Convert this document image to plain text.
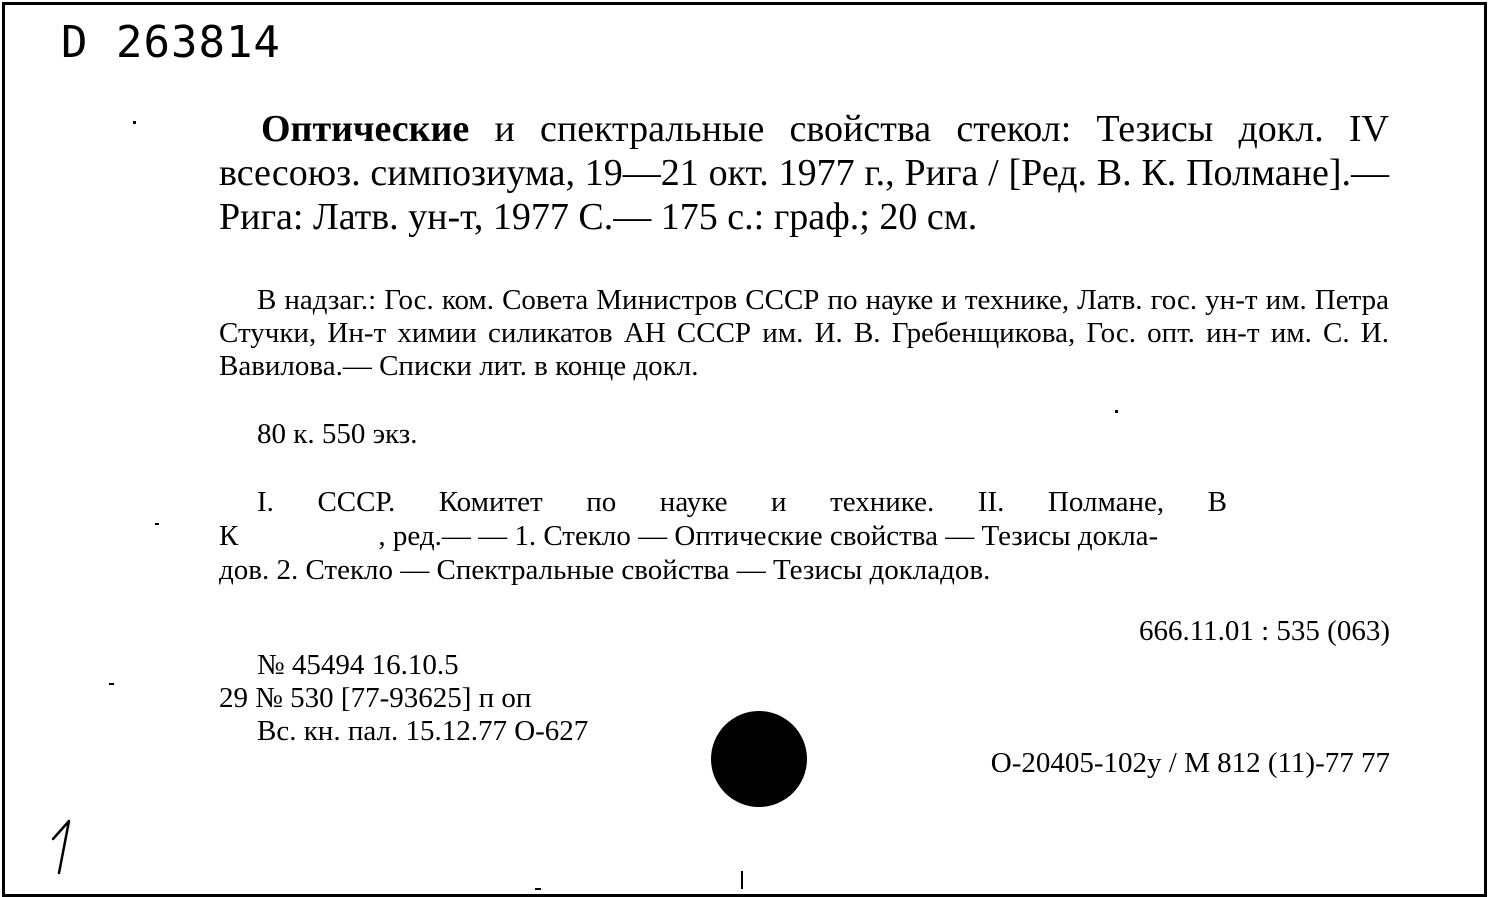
D 263814
Оптические и спектральные свойства стекол: Тезисы докл. IV всесоюз. симпозиума, 19—21 окт. 1977 г., Рига / [Ред. В. К. Полмане].— Рига: Латв. ун-т, 1977 С.— 175 с.: граф.; 20 см.
В надзаг.: Гос. ком. Совета Министров СССР по науке и технике, Латв. гос. ун-т им. Петра Стучки, Ин-т химии силикатов АН СССР им. И. В. Гребенщикова, Гос. опт. ин-т им. С. И. Вавилова.— Списки лит. в конце докл.
80 к. 550 экз.
I. СССР. Комитет по науке и технике. II. Полмане, В
К	, ред.— — 1. Стекло — Оптические свойства — Тезисы докла-
дов. 2. Стекло — Спектральные свойства — Тезисы докладов.
666.11.01 : 535 (063)
№ 45494 16.10.5
29 № 530 [77-93625] п оп
Вс. кн. пал. 15.12.77 О-627
О-20405-102у / М 812 (11)-77 77
